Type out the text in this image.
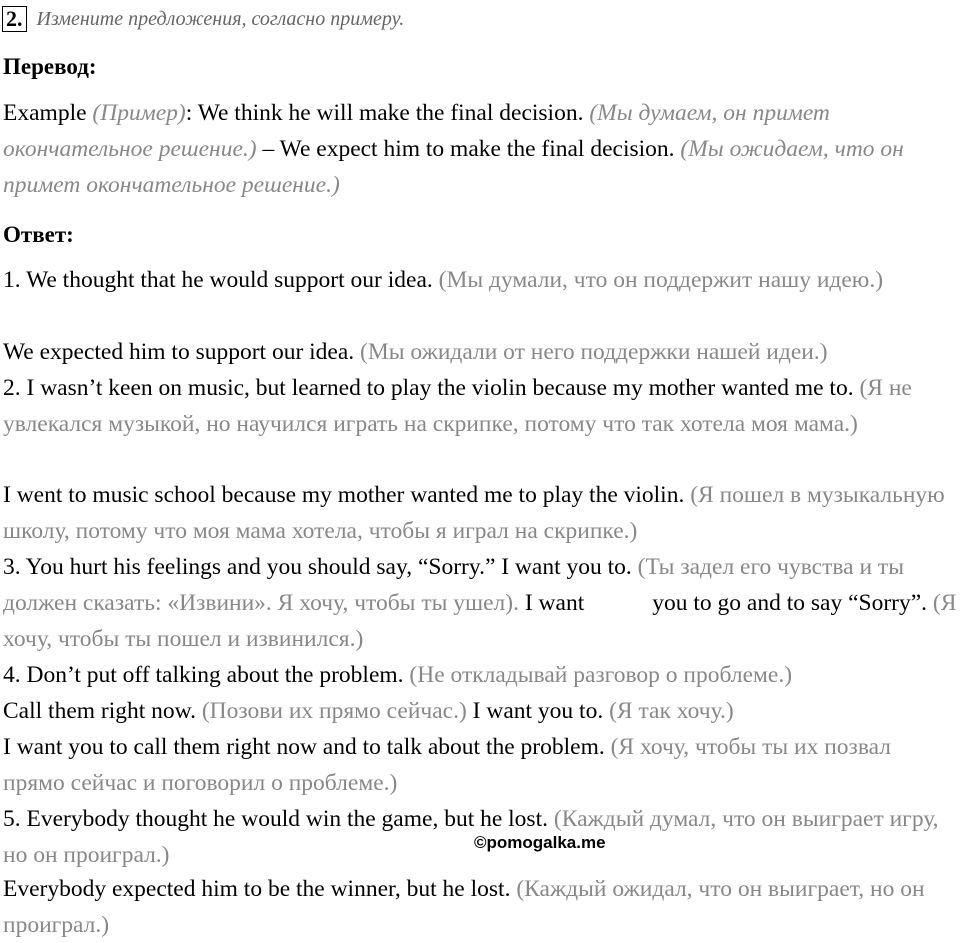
2. Измените предложения, согласно примеру.
Перевод:

Example (Пример): We think he will make the final decision. (Мы думаем, он примет окончательное решение.) – We expect him to make the final decision. (Мы ожидаем, что он примет окончательное решение.)

Ответ:

1. We thought that he would support our idea. (Мы думали, что он поддержит нашу идею.)

We expected him to support our idea. (Мы ожидали от него поддержки нашей идеи.)

2. I wasn’t keen on music, but learned to play the violin because my mother wanted me to. (Я не увлекался музыкой, но научился играть на скрипке, потому что так хотела моя мама.)

I went to music school because my mother wanted me to play the violin. (Я пошел в музыкальную школу, потому что моя мама хотела, чтобы я играл на скрипке.)

3. You hurt his feelings and you should say, “Sorry.” I want you to. (Ты задел его чувства и ты должен сказать: «Извини». Я хочу, чтобы ты ушел). I want	you to go and to say “Sorry”. (Я хочу, чтобы ты пошел и извинился.)

4. Don’t put off talking about the problem. (Не откладывай разговор о проблеме.)

Call them right now. (Позови их прямо сейчас.) I want you to. (Я так хочу.)

I want you to call them right now and to talk about the problem. (Я хочу, чтобы ты их позвал прямо сейчас и поговорил о проблеме.)

5. Everybody thought he would win the game, but he lost. (Каждый думал, что он выиграет игру, но он проиграл.)

Everybody expected him to be the winner, but he lost. (Каждый ожидал, что он выиграет, но он проиграл.)

©pomogalka.me
